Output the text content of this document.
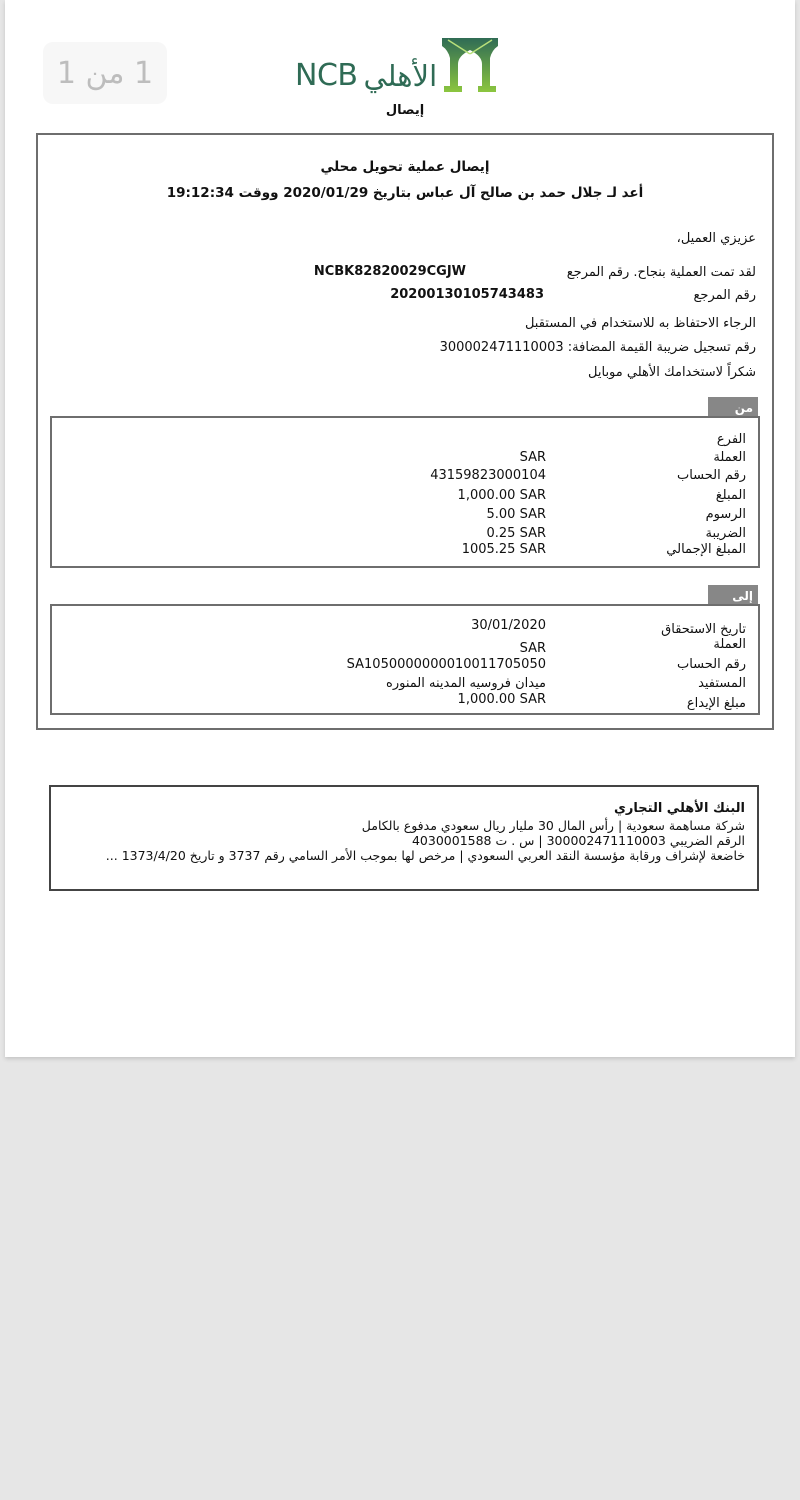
1 من 1	NCB الأهلي
إيصال
إيصال عملية تحويل محلي
أعد لـ جلال حمد بن صالح آل عباس بتاريخ 2020/01/29 ووقت 19:12:34
عزيزي العميل،
لقد تمت العملية بنجاح. رقم المرجع
NCBK82820029CGJW
رقم المرجع
20200130105743483
الرجاء الاحتفاظ به للاستخدام في المستقبل
رقم تسجيل ضريبة القيمة المضافة: 300002471110003
شكراً لاستخدامك الأهلي موبايل
من
الفرع
العملة
SAR
رقم الحساب
43159823000104
المبلغ
1,000.00 SAR
الرسوم
5.00 SAR
الضريبة
0.25 SAR
المبلغ الإجمالي
1005.25 SAR
إلى
تاريخ الاستحقاق
30/01/2020
العملة
SAR
رقم الحساب
SA1050000000010011705050
المستفيد
ميدان فروسيه المدينه المنوره
مبلغ الإيداع
1,000.00 SAR
البنك الأهلي التجاري
شركة مساهمة سعودية | رأس المال 30 مليار ريال سعودي مدفوع بالكامل
الرقم الضريبي 300002471110003 | س . ت 4030001588
خاضعة لإشراف ورقابة مؤسسة النقد العربي السعودي | مرخص لها بموجب الأمر السامي رقم 3737 و تاريخ 1373/4/20 ...
